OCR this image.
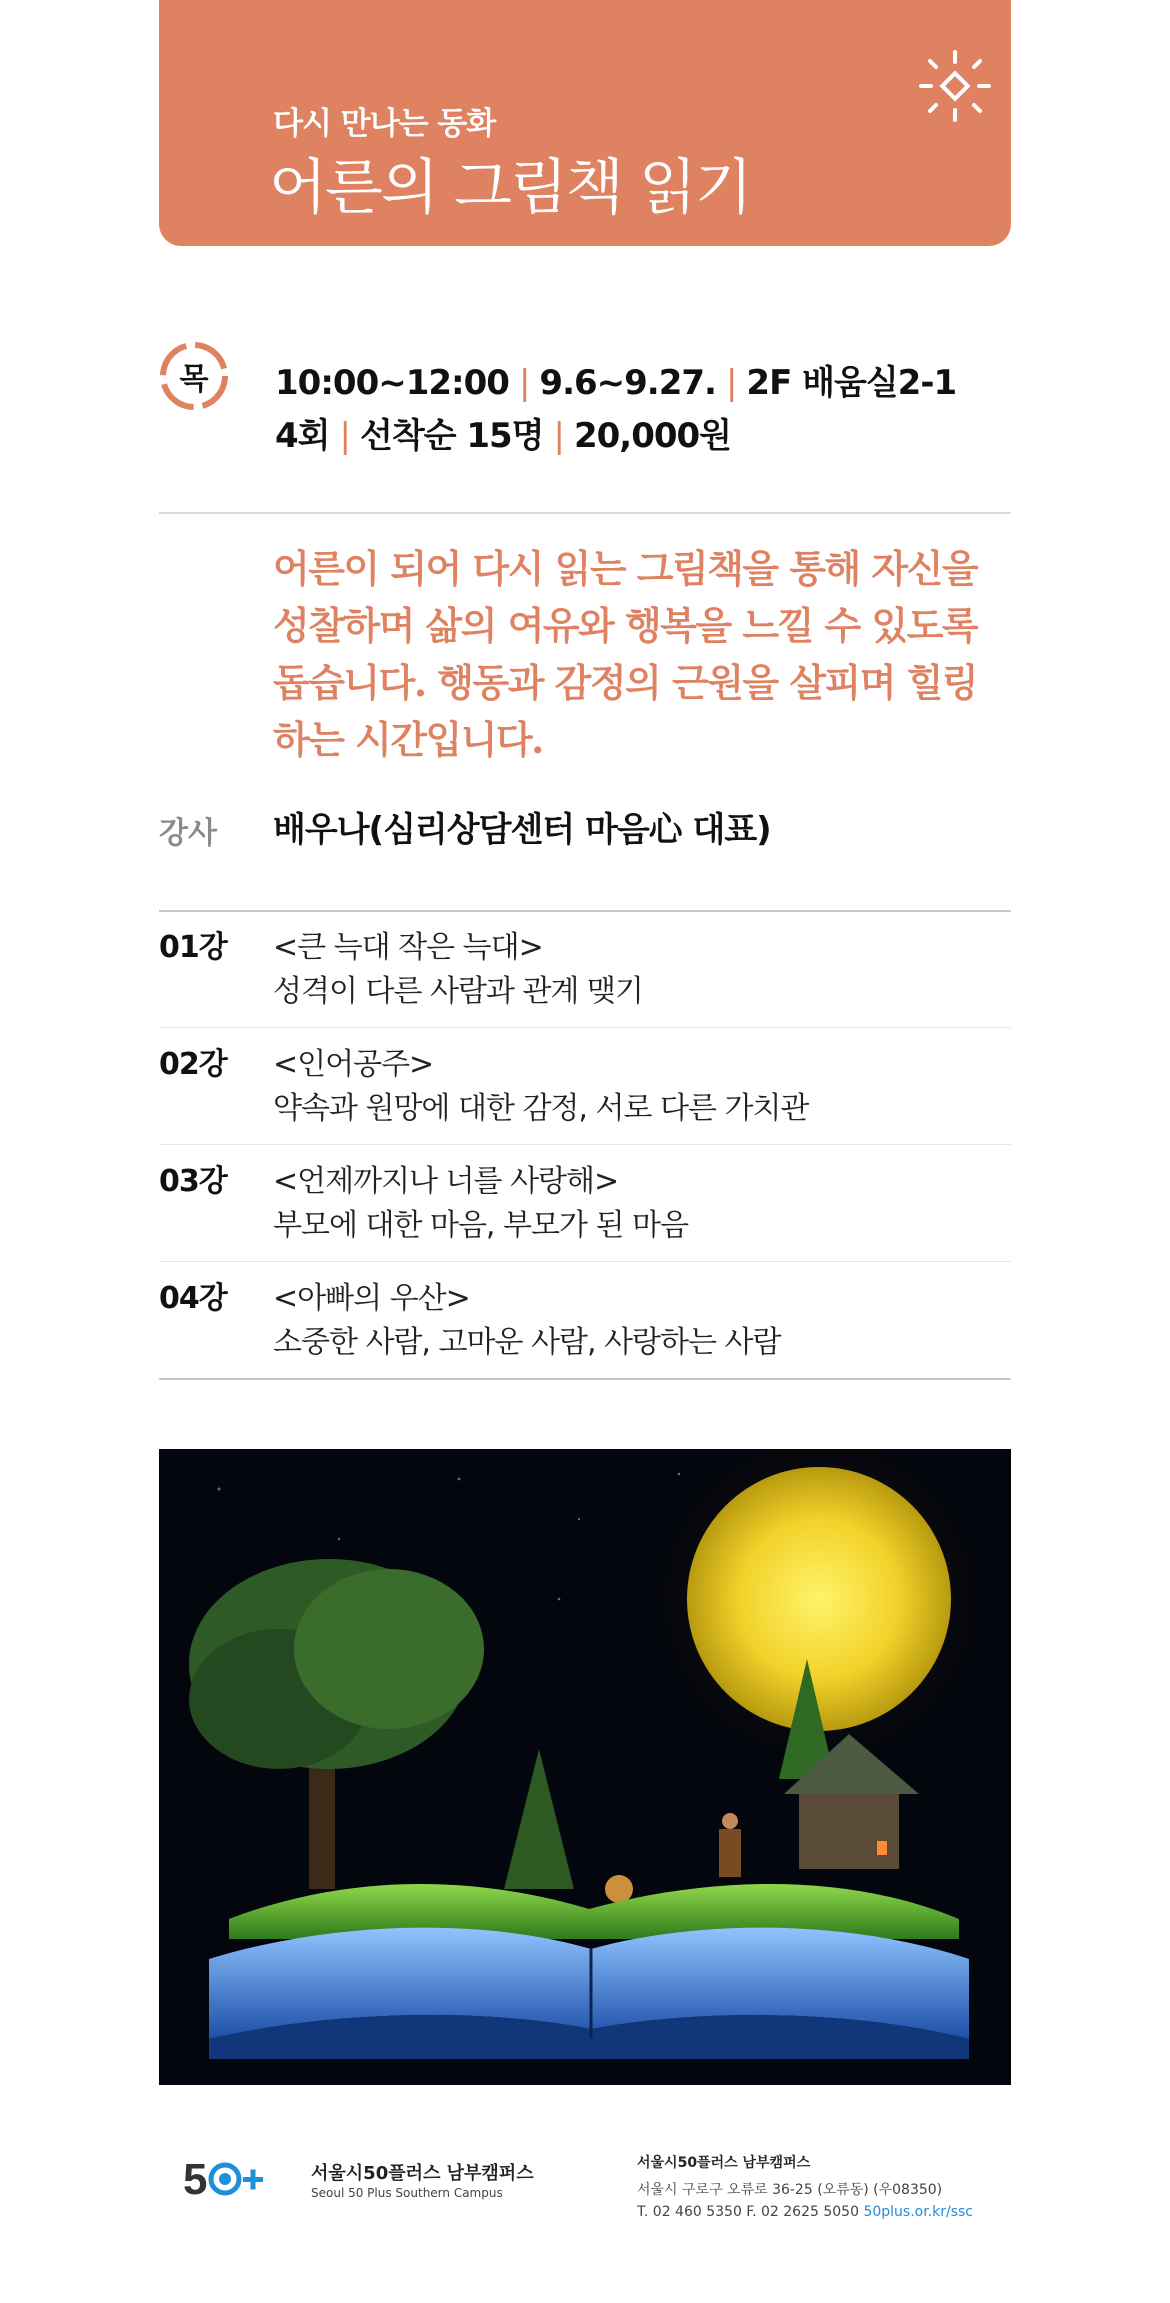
다시 만나는 동화
어른의 그림책 읽기
목	10:00~12:00 | 9.6~9.27. | 2F 배움실2-1
4회 | 선착순 15명 | 20,000원
어른이 되어 다시 읽는 그림책을 통해 자신을
성찰하며 삶의 여유와 행복을 느낄 수 있도록
돕습니다. 행동과 감정의 근원을 살피며 힐링
하는 시간입니다.
강사 배우나(심리상담센터 마음心 대표)
01강 <큰 늑대 작은 늑대>
성격이 다른 사람과 관계 맺기
02강 <인어공주>
약속과 원망에 대한 감정, 서로 다른 가치관
03강 <언제까지나 너를 사랑해>
부모에 대한 마음, 부모가 된 마음
04강 <아빠의 우산>
소중한 사람, 고마운 사람, 사랑하는 사람
5	서울시50플러스 남부캠퍼스
Seoul 50 Plus Southern Campus
서울시50플러스 남부캠퍼스
서울시 구로구 오류로 36-25 (오류동) (우08350)
T. 02 460 5350 F. 02 2625 5050 50plus.or.kr/ssc
